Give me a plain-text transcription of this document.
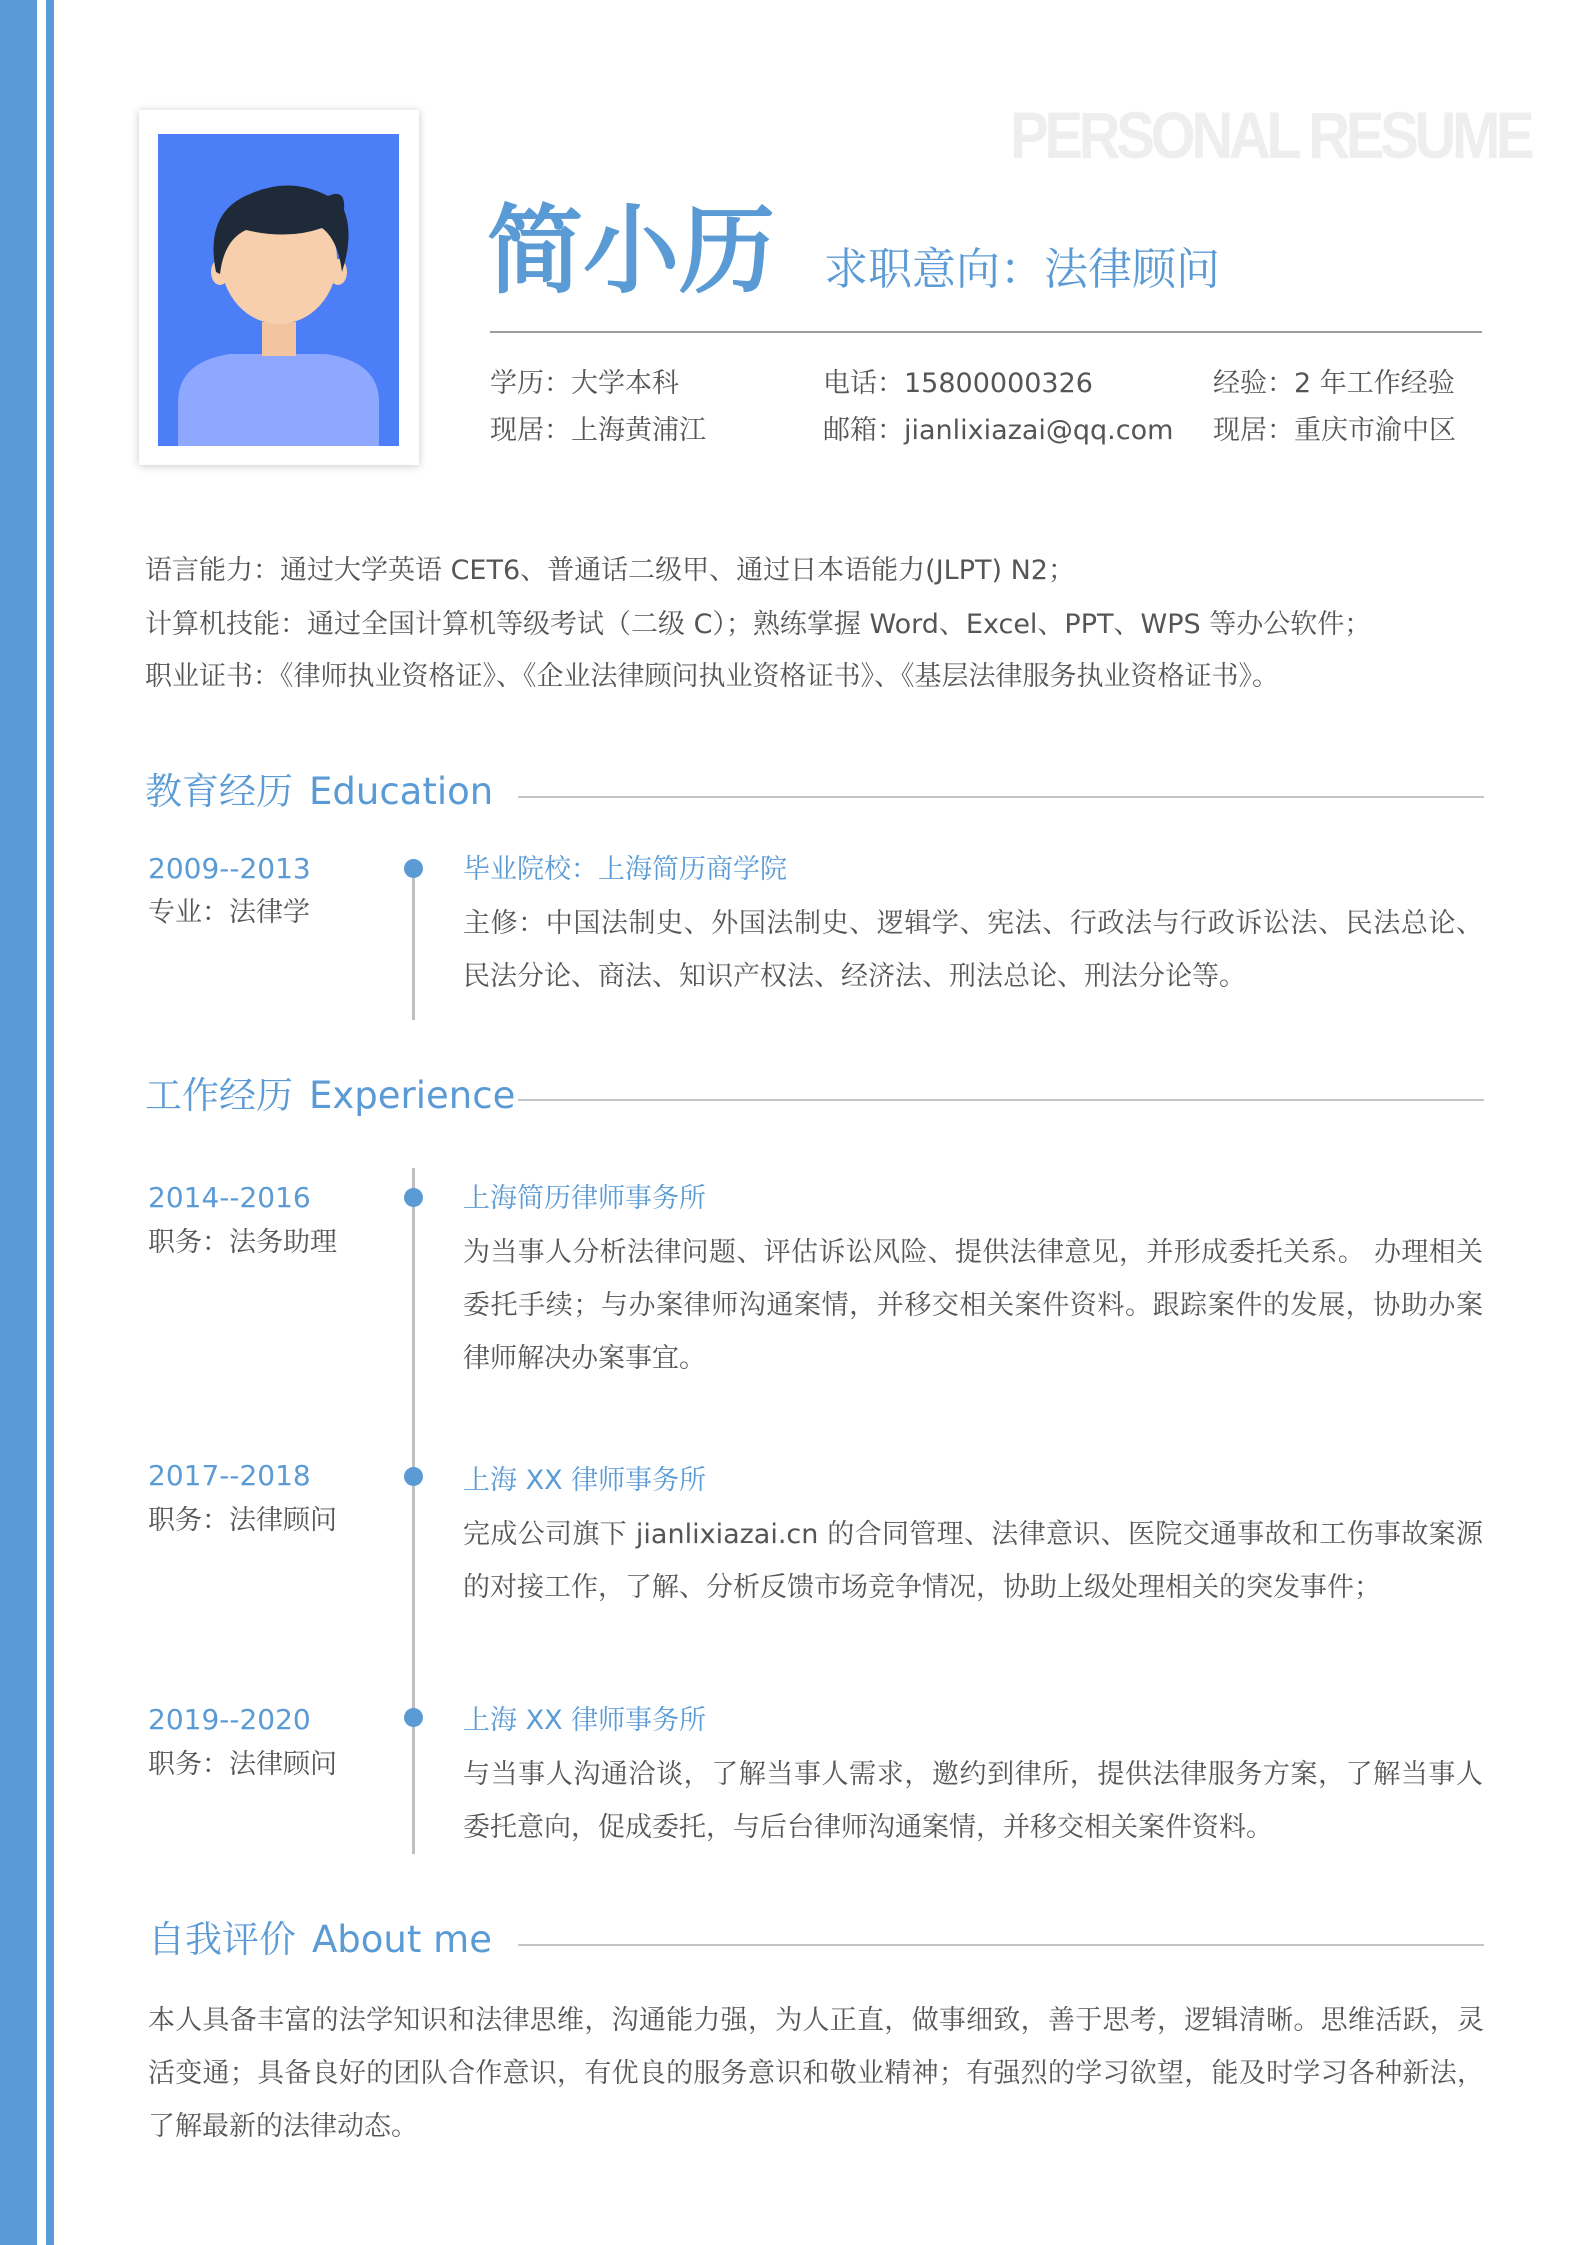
PERSONAL RESUME
简小历 求职意向：法律顾问
学历：大学本科
现居：上海黄浦江
电话：15800000326
邮箱：jianlixiazai@qq.com
经验：2 年工作经验
现居：重庆市渝中区
语言能力：通过大学英语 CET6、普通话二级甲、通过日本语能力(JLPT) N2；
计算机技能：通过全国计算机等级考试（二级 C）；熟练掌握 Word、Excel、PPT、WPS 等办公软件；
职业证书：《律师执业资格证》、《企业法律顾问执业资格证书》、《基层法律服务执业资格证书》。
教育经历 Education
2009--2013
专业：法律学
毕业院校：上海简历商学院
主修：中国法制史、外国法制史、逻辑学、宪法、行政法与行政诉讼法、民法总论、民法分论、商法、知识产权法、经济法、刑法总论、刑法分论等。
工作经历 Experience
2014--2016
职务：法务助理
上海简历律师事务所
为当事人分析法律问题、评估诉讼风险、提供法律意见，并形成委托关系。 办理相关委托手续；与办案律师沟通案情，并移交相关案件资料。跟踪案件的发展，协助办案律师解决办案事宜。
2017--2018
职务：法律顾问
上海 XX 律师事务所
完成公司旗下 jianlixiazai.cn 的合同管理、法律意识、医院交通事故和工伤事故案源的对接工作，了解、分析反馈市场竞争情况，协助上级处理相关的突发事件；
2019--2020
职务：法律顾问
上海 XX 律师事务所
与当事人沟通洽谈，了解当事人需求，邀约到律所，提供法律服务方案，了解当事人委托意向，促成委托，与后台律师沟通案情，并移交相关案件资料。
自我评价 About me
本人具备丰富的法学知识和法律思维，沟通能力强，为人正直，做事细致，善于思考，逻辑清晰。思维活跃，灵活变通；具备良好的团队合作意识，有优良的服务意识和敬业精神；有强烈的学习欲望，能及时学习各种新法，了解最新的法律动态。
